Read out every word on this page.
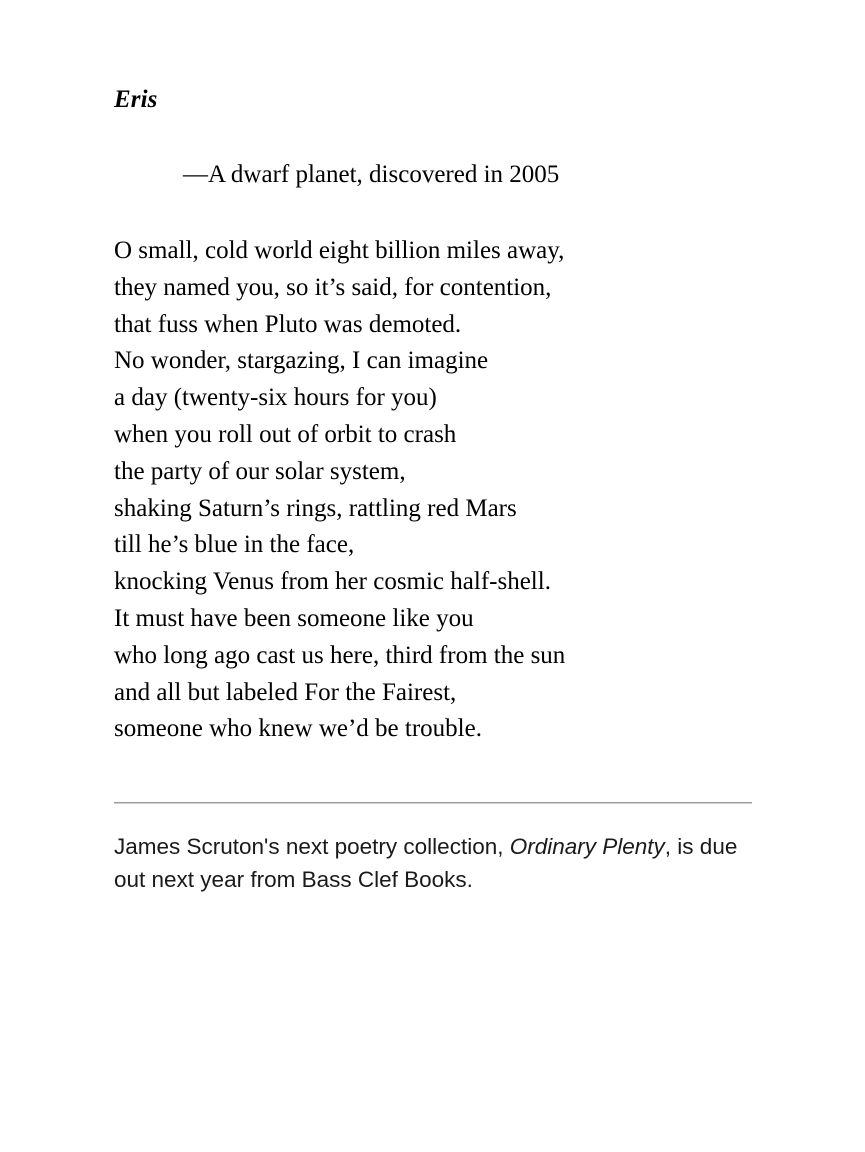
Eris

—A dwarf planet, discovered in 2005

O small, cold world eight billion miles away,

they named you, so it’s said, for contention,

that fuss when Pluto was demoted.

No wonder, stargazing, I can imagine

a day (twenty-six hours for you)

when you roll out of orbit to crash

the party of our solar system,

shaking Saturn’s rings, rattling red Mars

till he’s blue in the face,

knocking Venus from her cosmic half-shell.

It must have been someone like you

who long ago cast us here, third from the sun

and all but labeled For the Fairest,

someone who knew we’d be trouble.

James Scruton's next poetry collection, Ordinary Plenty, is due out next year from Bass Clef Books.
